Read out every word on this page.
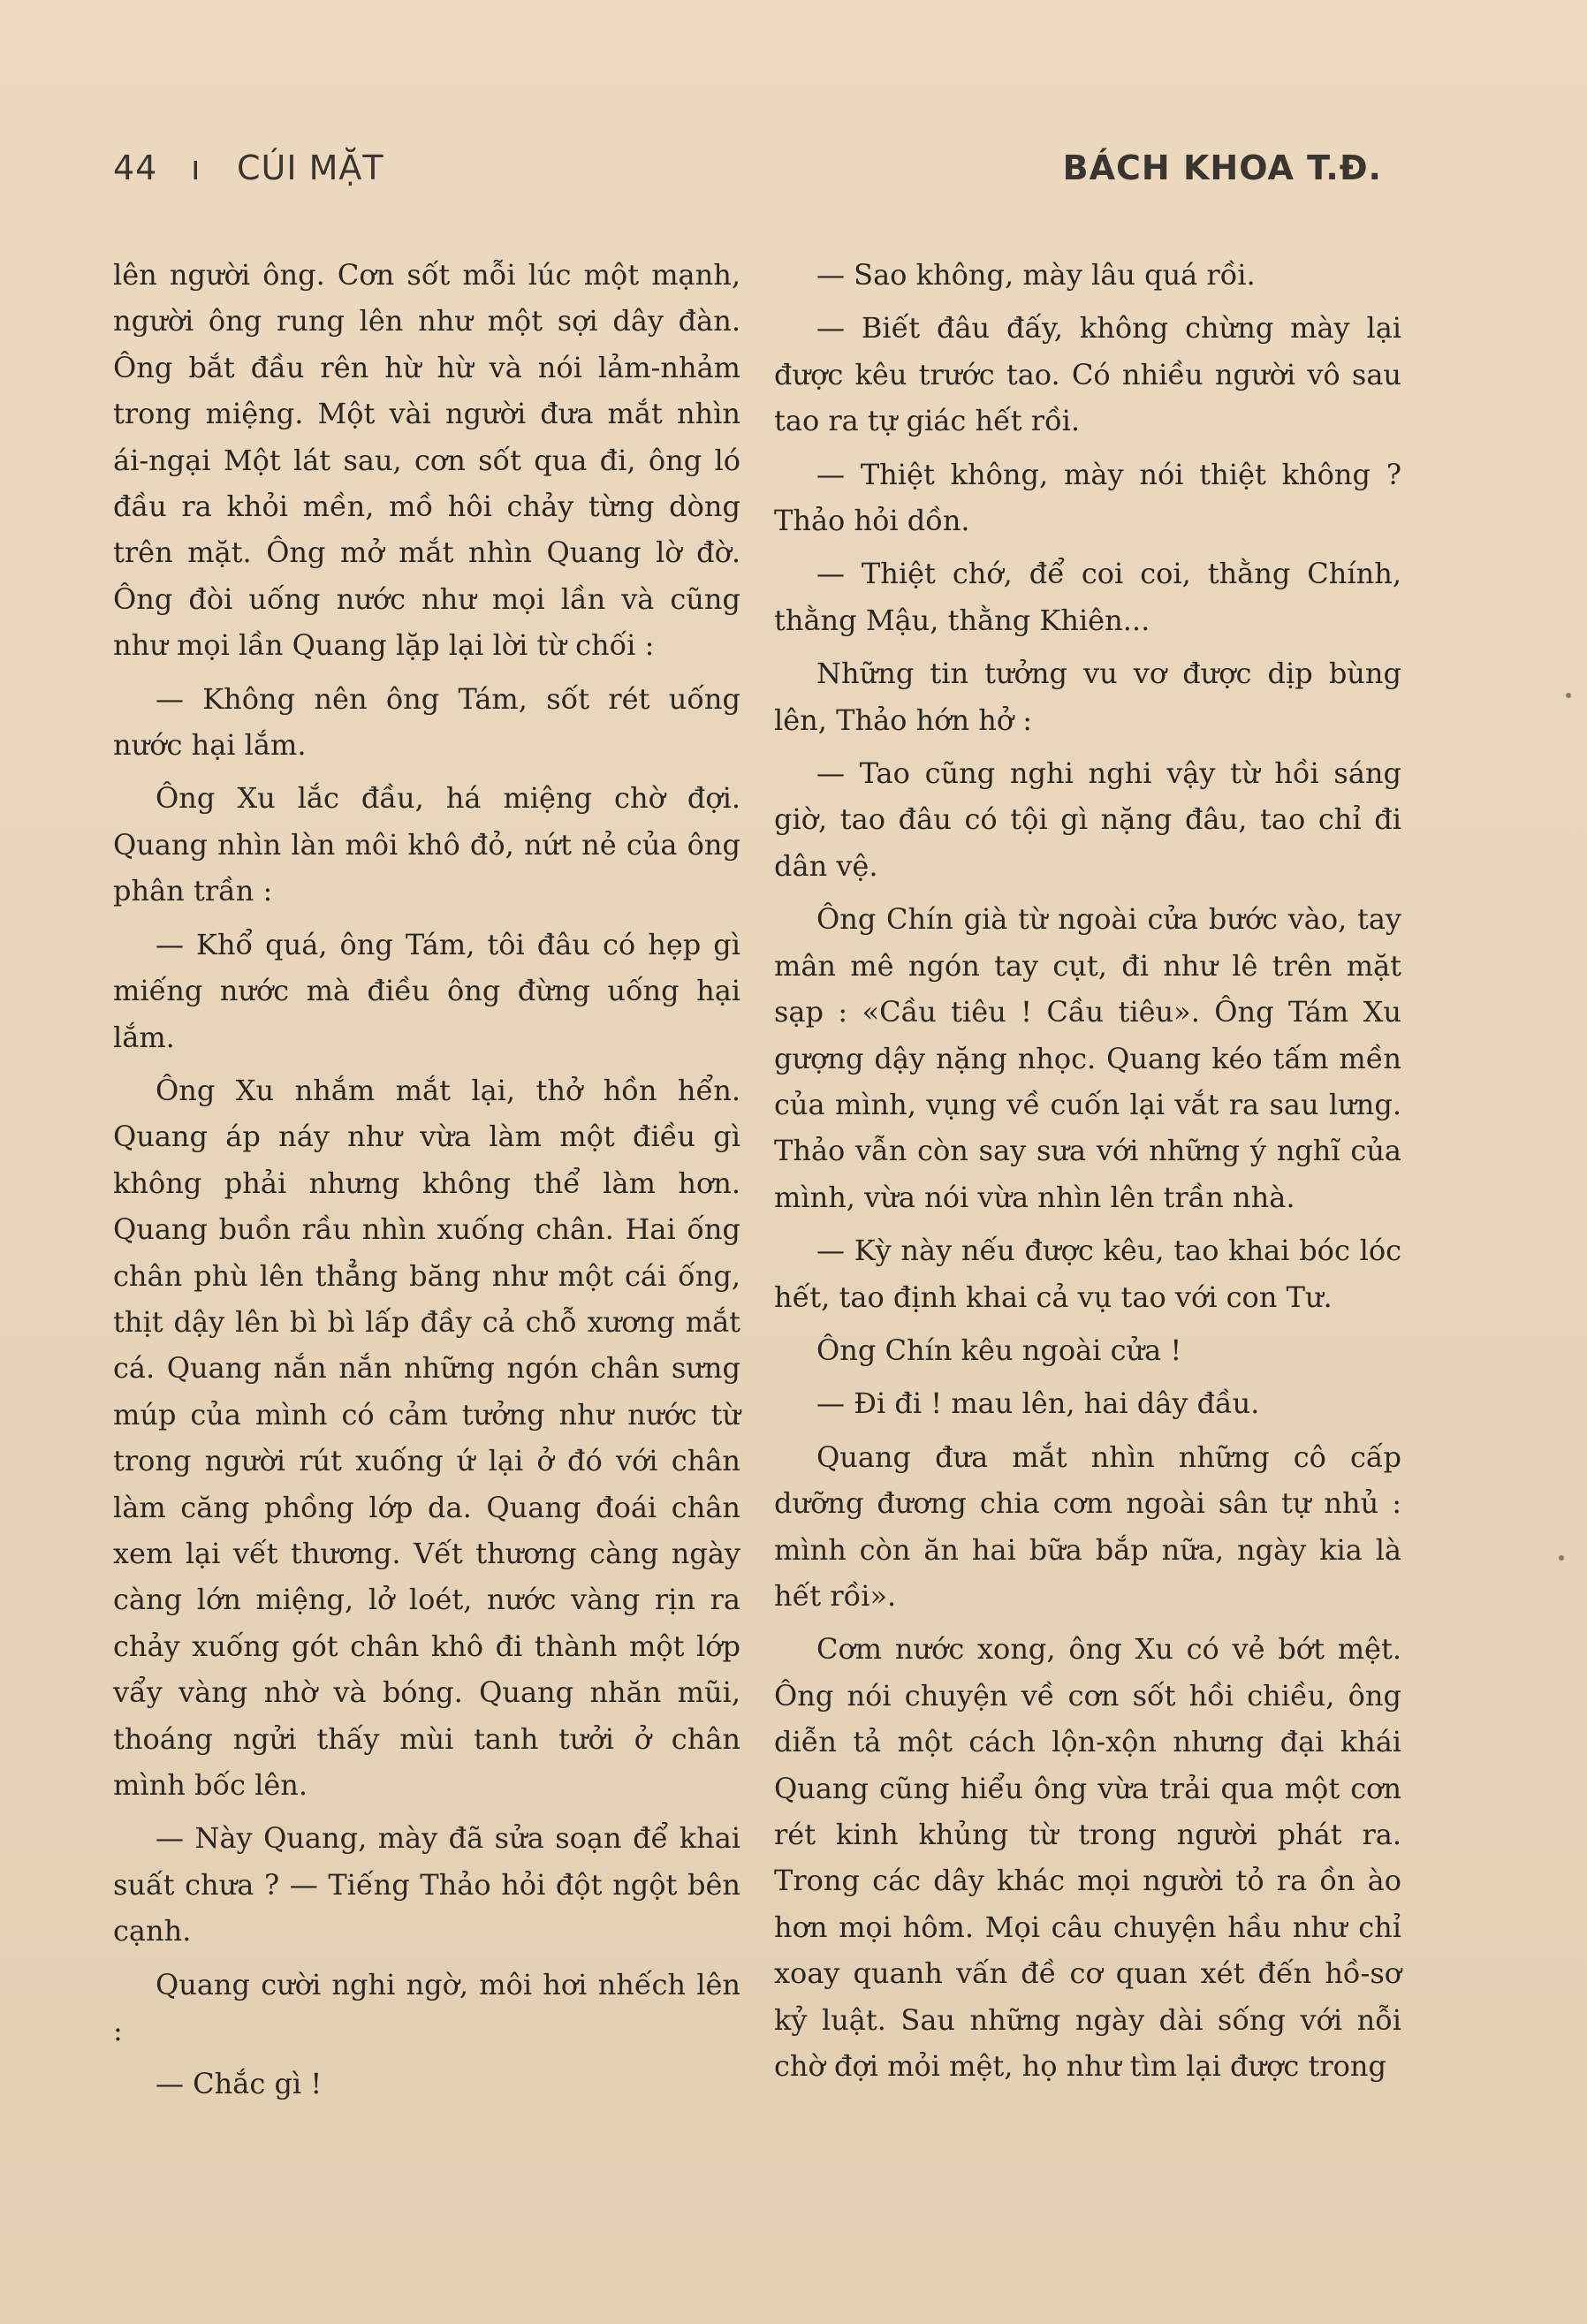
44 ı CÚI MẶT	BÁCH KHOA T.Đ.

lên người ông. Cơn sốt mỗi lúc một mạnh, người ông rung lên như một sợi dây đàn. Ông bắt đầu rên hừ hừ và nói lảm-nhảm trong miệng. Một vài người đưa mắt nhìn ái-ngại Một lát sau, cơn sốt qua đi, ông ló đầu ra khỏi mền, mồ hôi chảy từng dòng trên mặt. Ông mở mắt nhìn Quang lờ đờ. Ông đòi uống nước như mọi lần và cũng như mọi lần Quang lặp lại lời từ chối :

— Không nên ông Tám, sốt rét uống nước hại lắm.

Ông Xu lắc đầu, há miệng chờ đợi. Quang nhìn làn môi khô đỏ, nứt nẻ của ông phân trần :

— Khổ quá, ông Tám, tôi đâu có hẹp gì miếng nước mà điều ông đừng uống hại lắm.

Ông Xu nhắm mắt lại, thở hồn hển. Quang áp náy như vừa làm một điều gì không phải nhưng không thể làm hơn. Quang buồn rầu nhìn xuống chân. Hai ống chân phù lên thẳng băng như một cái ống, thịt dậy lên bì bì lấp đầy cả chỗ xương mắt cá. Quang nắn nắn những ngón chân sưng múp của mình có cảm tưởng như nước từ trong người rút xuống ứ lại ở đó với chân làm căng phồng lớp da. Quang đoái chân xem lại vết thương. Vết thương càng ngày càng lớn miệng, lở loét, nước vàng rịn ra chảy xuống gót chân khô đi thành một lớp vẩy vàng nhờ và bóng. Quang nhăn mũi, thoáng ngửi thấy mùi tanh tưởi ở chân mình bốc lên.

— Này Quang, mày đã sửa soạn để khai suất chưa ? — Tiếng Thảo hỏi đột ngột bên cạnh.

Quang cười nghi ngờ, môi hơi nhếch lên :

— Chắc gì !

— Sao không, mày lâu quá rồi.

— Biết đâu đấy, không chừng mày lại được kêu trước tao. Có nhiều người vô sau tao ra tự giác hết rồi.

— Thiệt không, mày nói thiệt không ? Thảo hỏi dồn.

— Thiệt chớ, để coi coi, thằng Chính, thằng Mậu, thằng Khiên...

Những tin tưởng vu vơ được dịp bùng lên, Thảo hớn hở :

— Tao cũng nghi nghi vậy từ hồi sáng giờ, tao đâu có tội gì nặng đâu, tao chỉ đi dân vệ.

Ông Chín già từ ngoài cửa bước vào, tay mân mê ngón tay cụt, đi như lê trên mặt sạp : «Cầu tiêu ! Cầu tiêu». Ông Tám Xu gượng dậy nặng nhọc. Quang kéo tấm mền của mình, vụng về cuốn lại vắt ra sau lưng. Thảo vẫn còn say sưa với những ý nghĩ của mình, vừa nói vừa nhìn lên trần nhà.

— Kỳ này nếu được kêu, tao khai bóc lóc hết, tao định khai cả vụ tao với con Tư.

Ông Chín kêu ngoài cửa !

— Đi đi ! mau lên, hai dây đầu.

Quang đưa mắt nhìn những cô cấp dưỡng đương chia cơm ngoài sân tự nhủ : mình còn ăn hai bữa bắp nữa, ngày kia là hết rồi».

Cơm nước xong, ông Xu có vẻ bớt mệt. Ông nói chuyện về cơn sốt hồi chiều, ông diễn tả một cách lộn-xộn nhưng đại khái Quang cũng hiểu ông vừa trải qua một cơn rét kinh khủng từ trong người phát ra. Trong các dây khác mọi người tỏ ra ồn ào hơn mọi hôm. Mọi câu chuyện hầu như chỉ xoay quanh vấn đề cơ quan xét đến hồ-sơ kỷ luật. Sau những ngày dài sống với nỗi chờ đợi mỏi mệt, họ như tìm lại được trong
